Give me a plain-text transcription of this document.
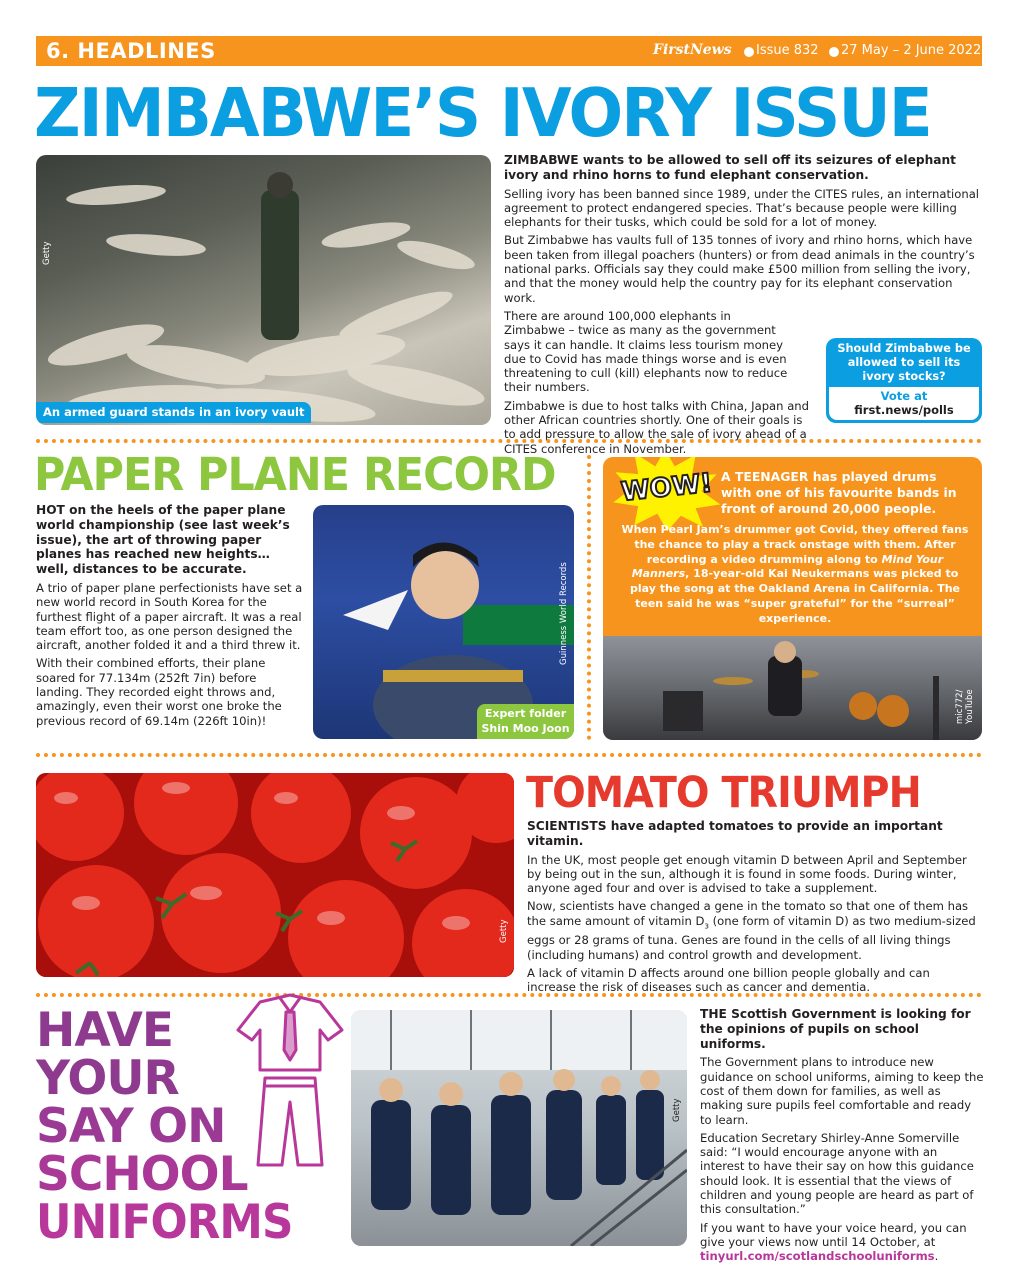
6. HEADLINES	FirstNews Issue 832 27 May – 2 June 2022
ZIMBABWE’S IVORY ISSUE
Getty
An armed guard stands in an ivory vault

ZIMBABWE wants to be allowed to sell off its seizures of elephant ivory and rhino horns to fund elephant conservation.

Selling ivory has been banned since 1989, under the CITES rules, an international agreement to protect endangered species. That’s because people were killing elephants for their tusks, which could be sold for a lot of money.

But Zimbabwe has vaults full of 135 tonnes of ivory and rhino horns, which have been taken from illegal poachers (hunters) or from dead animals in the country’s national parks. Officials say they could make £500 million from selling the ivory, and that the money would help the country pay for its elephant conservation work.

There are around 100,000 elephants in Zimbabwe – twice as many as the government says it can handle. It claims less tourism money due to Covid has made things worse and is even threatening to cull (kill) elephants now to reduce their numbers.

Zimbabwe is due to host talks with China, Japan and other African countries shortly. One of their goals is to add pressure to allow the sale of ivory ahead of a CITES conference in November.

Should Zimbabwe be allowed to sell its ivory stocks?
Vote at
first.news/polls
PAPER PLANE RECORD

HOT on the heels of the paper plane world championship (see last week’s issue), the art of throwing paper planes has reached new heights… well, distances to be accurate.

A trio of paper plane perfectionists have set a new world record in South Korea for the furthest flight of a paper aircraft. It was a real team effort too, as one person designed the aircraft, another folded it and a third threw it.

With their combined efforts, their plane soared for 77.134m (252ft 7in) before landing. They recorded eight throws and, amazingly, even their worst one broke the previous record of 69.14m (226ft 10in)!

Guinness World Records
Expert folder
Shin Moo Joon
WOW! A TEENAGER has played drums with one of his favourite bands in front of around 20,000 people.
When Pearl Jam’s drummer got Covid, they offered fans the chance to play a track onstage with them. After recording a video drumming along to Mind Your Manners, 18-year-old Kai Neukermans was picked to play the song at the Oakland Arena in California. The teen said he was “super grateful” for the “surreal” experience.
mic772/ YouTube
Getty
TOMATO TRIUMPH

SCIENTISTS have adapted tomatoes to provide an important vitamin.

In the UK, most people get enough vitamin D between April and September by being out in the sun, although it is found in some foods. During winter, anyone aged four and over is advised to take a supplement.

Now, scientists have changed a gene in the tomato so that one of them has the same amount of vitamin $D_3$ (one form of vitamin D) as two medium-sized eggs or 28 grams of tuna. Genes are found in the cells of all living things (including humans) and control growth and development.

A lack of vitamin D affects around one billion people globally and can increase the risk of diseases such as cancer and dementia.

HAVE
YOUR
SAY ON
SCHOOL
UNIFORMS
Getty

THE Scottish Government is looking for the opinions of pupils on school uniforms.

The Government plans to introduce new guidance on school uniforms, aiming to keep the cost of them down for families, as well as making sure pupils feel comfortable and ready to learn.

Education Secretary Shirley-Anne Somerville said: “I would encourage anyone with an interest to have their say on how this guidance should look. It is essential that the views of children and young people are heard as part of this consultation.”

If you want to have your voice heard, you can give your views now until 14 October, at tinyurl.com/scotlandschooluniforms.
